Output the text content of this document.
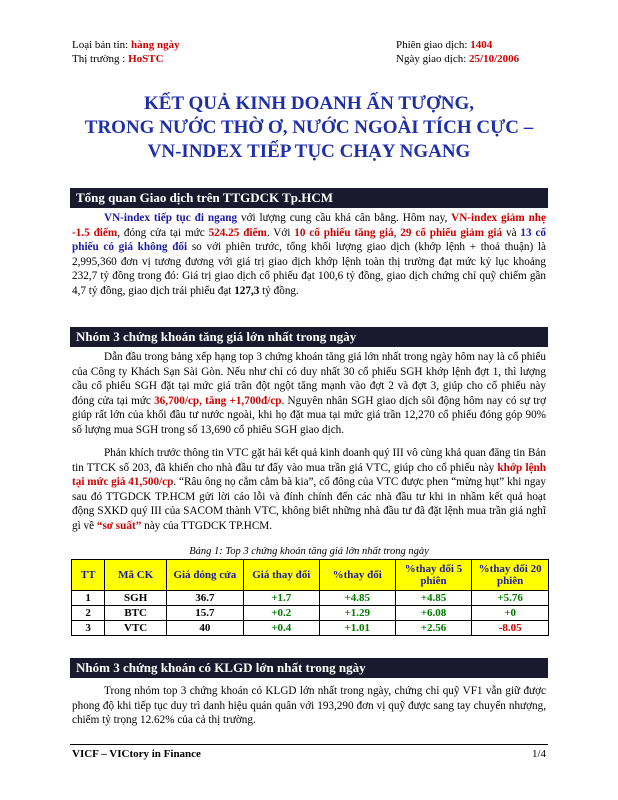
Loại bản tin: hàng ngày	Phiên giao dịch: 1404
Thị trường : HoSTC	Ngày giao dịch: 25/10/2006
KẾT QUẢ KINH DOANH ẤN TƯỢNG,
TRONG NƯỚC THỜ Ơ, NƯỚC NGOÀI TÍCH CỰC –
VN-INDEX TIẾP TỤC CHẠY NGANG
Tổng quan Giao dịch trên TTGDCK Tp.HCM

VN-index tiếp tục đi ngang với lượng cung cầu khá cân bằng. Hôm nay, VN-index giảm nhẹ -1.5 điểm, đóng cửa tại mức 524.25 điểm. Với 10 cổ phiếu tăng giá, 29 cổ phiếu giảm giá và 13 cổ phiếu có giá không đổi so với phiên trước, tổng khối lượng giao dịch (khớp lệnh + thoả thuận) là 2,995,360 đơn vị tương đương với giá trị giao dịch khớp lệnh toàn thị trường đạt mức kỷ lục khoảng 232,7 tỷ đồng trong đó: Giá trị giao dịch cổ phiếu đạt 100,6 tỷ đồng, giao dịch chứng chỉ quỹ chiếm gần 4,7 tỷ đồng, giao dịch trái phiếu đạt 127,3 tỷ đồng.

Nhóm 3 chứng khoán tăng giá lớn nhất trong ngày

Dẫn đầu trong bảng xếp hạng top 3 chứng khoán tăng giá lớn nhất trong ngày hôm nay là cổ phiếu của Công ty Khách Sạn Sài Gòn. Nếu như chỉ có duy nhất 30 cổ phiếu SGH khớp lệnh đợt 1, thì lượng cầu cổ phiếu SGH đặt tại mức giá trần đột ngột tăng mạnh vào đợt 2 và đợt 3, giúp cho cổ phiếu này đóng cửa tại mức 36,700/cp, tăng +1,700đ/cp. Nguyên nhân SGH giao dịch sôi động hôm nay có sự trợ giúp rất lớn của khối đầu tư nước ngoài, khi họ đặt mua tại mức giá trần 12,270 cổ phiếu đóng góp 90% số lượng mua SGH trong số 13,690 cổ phiếu SGH giao dịch.

Phản khích trước thông tin VTC gặt hái kết quả kinh doanh quý III vô cùng khả quan đăng tin Bản tin TTCK số 203, đã khiến cho nhà đầu tư đẩy vào mua trần giá VTC, giúp cho cổ phiếu này khớp lệnh tại mức giá 41,500/cp. “Râu ông nọ cắm cằm bà kia”, cổ đông của VTC được phen “mừng hụt” khi ngay sau đó TTGDCK TP.HCM gửi lời cáo lỗi và đính chính đến các nhà đầu tư khi in nhầm kết quả hoạt động SXKD quý III của SACOM thành VTC, không biết những nhà đầu tư đã đặt lệnh mua trần giá nghĩ gì về “sơ suất” này của TTGDCK TP.HCM.

Bảng 1: Top 3 chứng khoán tăng giá lớn nhất trong ngày
TT	Mã CK	Giá đóng cửa	Giá thay đổi	%thay đổi	%thay đổi 5 phiên	%thay đổi 20 phiên
1	SGH	36.7	+1.7	+4.85	+4.85	+5.76
2	BTC	15.7	+0.2	+1.29	+6.08	+0
3	VTC	40	+0.4	+1.01	+2.56	-8.05
Nhóm 3 chứng khoán có KLGD lớn nhất trong ngày

Trong nhóm top 3 chứng khoán có KLGD lớn nhất trong ngày, chứng chỉ quỹ VF1 vẫn giữ được phong độ khi tiếp tục duy trì danh hiệu quán quân với 193,290 đơn vị quỹ được sang tay chuyển nhượng, chiếm tỷ trọng 12.62% của cả thị trường.

VICF – VICtory in Finance	1/4
